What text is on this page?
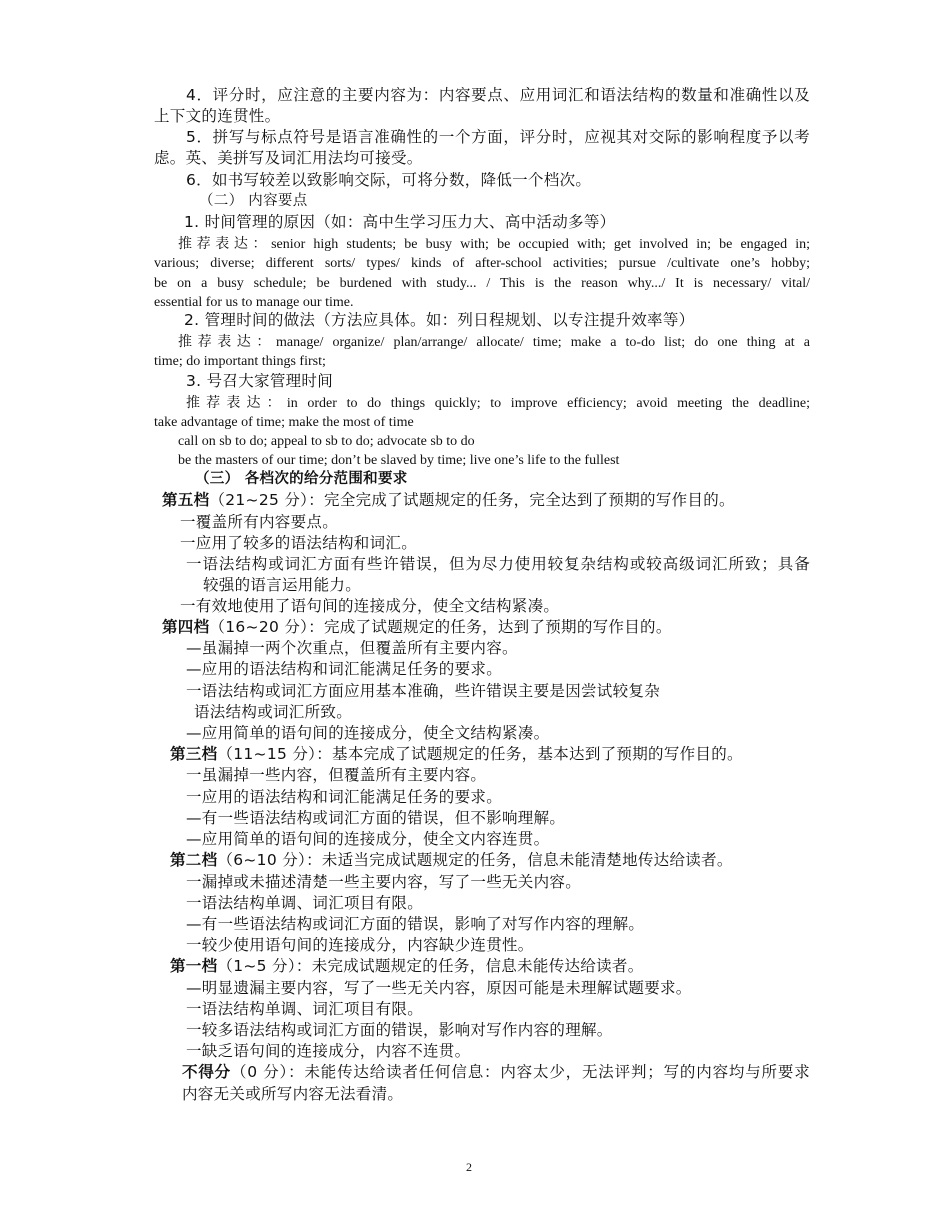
4．评分时，应注意的主要内容为：内容要点、应用词汇和语法结构的数量和准确性以及
上下文的连贯性。
5．拼写与标点符号是语言准确性的一个方面，评分时，应视其对交际的影响程度予以考
虑。英、美拼写及词汇用法均可接受。
6．如书写较差以致影响交际，可将分数，降低一个档次。
（二） 内容要点
1. 时间管理的原因（如：高中生学习压力大、高中活动多等）
推荐表达：senior high students; be busy with; be occupied with; get involved in; be engaged in;
various; diverse; different sorts/ types/ kinds of after-school activities; pursue /cultivate one’s hobby;
be on a busy schedule; be burdened with study... / This is the reason why.../ It is necessary/ vital/
essential for us to manage our time.
2. 管理时间的做法（方法应具体。如：列日程规划、以专注提升效率等）
推荐表达：manage/ organize/ plan/arrange/ allocate/ time; make a to-do list; do one thing at a
time; do important things first;
3. 号召大家管理时间
推荐表达：in order to do things quickly; to improve efficiency; avoid meeting the deadline;
take advantage of time; make the most of time
call on sb to do; appeal to sb to do; advocate sb to do
be the masters of our time; don’t be slaved by time; live one’s life to the fullest
（三） 各档次的给分范围和要求
第五档（21~25 分）：完全完成了试题规定的任务，完全达到了预期的写作目的。
一覆盖所有内容要点。
一应用了较多的语法结构和词汇。
一语法结构或词汇方面有些许错误，但为尽力使用较复杂结构或较高级词汇所致；具备
较强的语言运用能力。
一有效地使用了语句间的连接成分，使全文结构紧凑。
第四档（16~20 分）：完成了试题规定的任务，达到了预期的写作目的。
—虽漏掉一两个次重点，但覆盖所有主要内容。
—应用的语法结构和词汇能满足任务的要求。
一语法结构或词汇方面应用基本准确，些许错误主要是因尝试较复杂
语法结构或词汇所致。
—应用简单的语句间的连接成分，使全文结构紧凑。
第三档（11~15 分）：基本完成了试题规定的任务，基本达到了预期的写作目的。
一虽漏掉一些内容，但覆盖所有主要内容。
一应用的语法结构和词汇能满足任务的要求。
—有一些语法结构或词汇方面的错误，但不影响理解。
—应用简单的语句间的连接成分，使全文内容连贯。
第二档（6~10 分）：未适当完成试题规定的任务，信息未能清楚地传达给读者。
一漏掉或未描述清楚一些主要内容，写了一些无关内容。
一语法结构单调、词汇项目有限。
—有一些语法结构或词汇方面的错误，影响了对写作内容的理解。
一较少使用语句间的连接成分，内容缺少连贯性。
第一档（1~5 分）：未完成试题规定的任务，信息未能传达给读者。
—明显遗漏主要内容，写了一些无关内容，原因可能是未理解试题要求。
一语法结构单调、词汇项目有限。
一较多语法结构或词汇方面的错误，影响对写作内容的理解。
一缺乏语句间的连接成分，内容不连贯。
不得分（0 分）：未能传达给读者任何信息：内容太少，无法评判；写的内容均与所要求
内容无关或所写内容无法看清。
2
